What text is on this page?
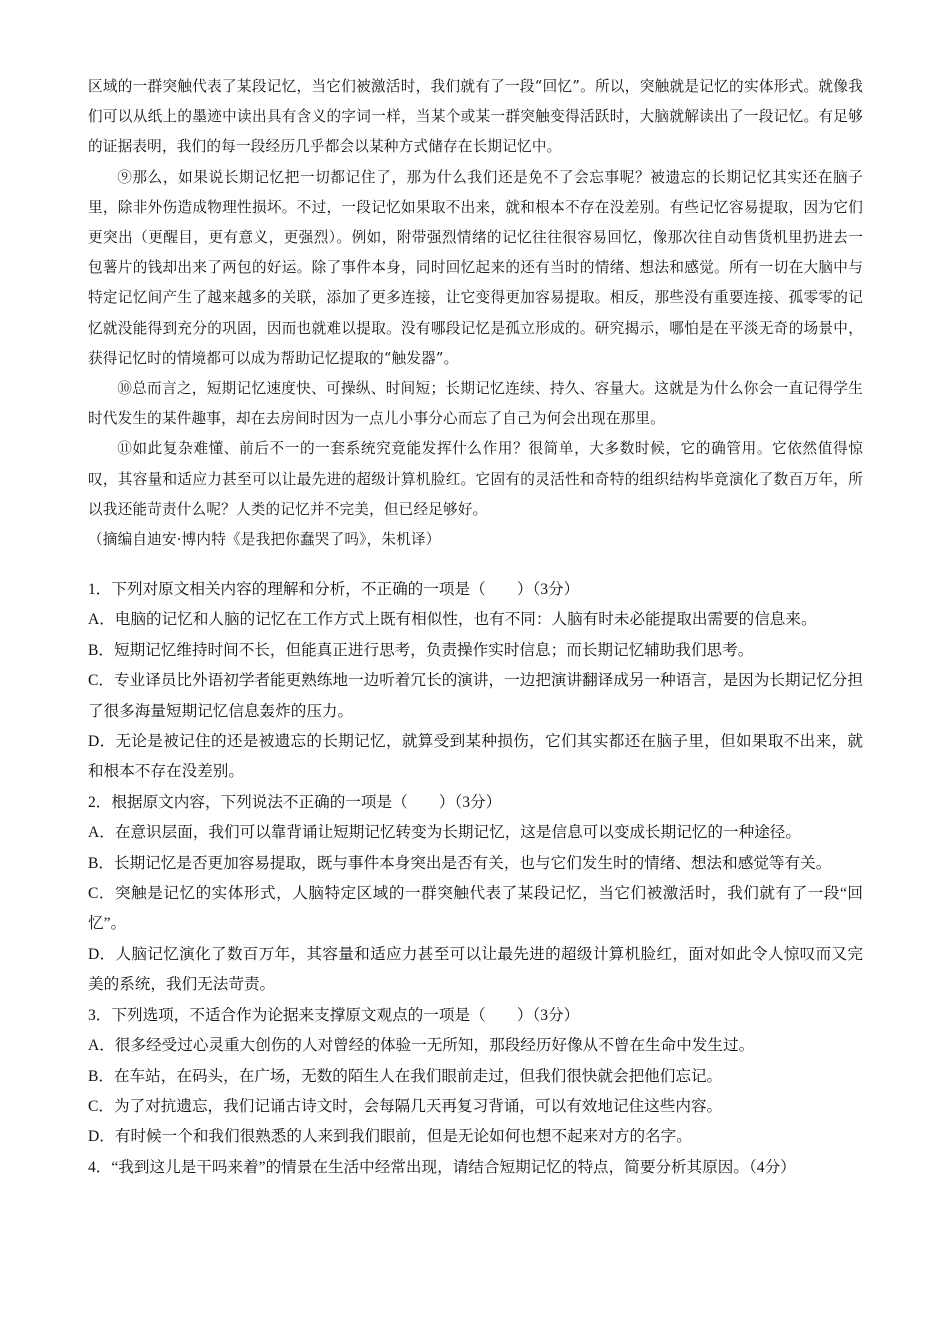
区域的一群突触代表了某段记忆，当它们被激活时，我们就有了一段“回忆”。所以，突触就是记忆的实体形式。就像我们可以从纸上的墨迹中读出具有含义的字词一样，当某个或某一群突触变得活跃时，大脑就解读出了一段记忆。有足够的证据表明，我们的每一段经历几乎都会以某种方式储存在长期记忆中。

⑨那么，如果说长期记忆把一切都记住了，那为什么我们还是免不了会忘事呢？被遗忘的长期记忆其实还在脑子里，除非外伤造成物理性损坏。不过，一段记忆如果取不出来，就和根本不存在没差别。有些记忆容易提取，因为它们更突出（更醒目，更有意义，更强烈）。例如，附带强烈情绪的记忆往往很容易回忆，像那次往自动售货机里扔进去一包薯片的钱却出来了两包的好运。除了事件本身，同时回忆起来的还有当时的情绪、想法和感觉。所有一切在大脑中与特定记忆间产生了越来越多的关联，添加了更多连接，让它变得更加容易提取。相反，那些没有重要连接、孤零零的记忆就没能得到充分的巩固，因而也就难以提取。没有哪段记忆是孤立形成的。研究揭示，哪怕是在平淡无奇的场景中，获得记忆时的情境都可以成为帮助记忆提取的“触发器”。

⑩总而言之，短期记忆速度快、可操纵、时间短；长期记忆连续、持久、容量大。这就是为什么你会一直记得学生时代发生的某件趣事，却在去房间时因为一点儿小事分心而忘了自己为何会出现在那里。

⑪如此复杂难懂、前后不一的一套系统究竟能发挥什么作用？很简单，大多数时候，它的确管用。它依然值得惊叹，其容量和适应力甚至可以让最先进的超级计算机脸红。它固有的灵活性和奇特的组织结构毕竟演化了数百万年，所以我还能苛责什么呢？人类的记忆并不完美，但已经足够好。

（摘编自迪安·博内特《是我把你蠢哭了吗》，朱机译）

1．下列对原文相关内容的理解和分析，不正确的一项是（　　）（3分）

A．电脑的记忆和人脑的记忆在工作方式上既有相似性，也有不同：人脑有时未必能提取出需要的信息来。

B．短期记忆维持时间不长，但能真正进行思考，负责操作实时信息；而长期记忆辅助我们思考。

C．专业译员比外语初学者能更熟练地一边听着冗长的演讲，一边把演讲翻译成另一种语言，是因为长期记忆分担了很多海量短期记忆信息轰炸的压力。

D．无论是被记住的还是被遗忘的长期记忆，就算受到某种损伤，它们其实都还在脑子里，但如果取不出来，就和根本不存在没差别。

2．根据原文内容，下列说法不正确的一项是（　　）（3分）

A．在意识层面，我们可以靠背诵让短期记忆转变为长期记忆，这是信息可以变成长期记忆的一种途径。

B．长期记忆是否更加容易提取，既与事件本身突出是否有关，也与它们发生时的情绪、想法和感觉等有关。

C．突触是记忆的实体形式，人脑特定区域的一群突触代表了某段记忆，当它们被激活时，我们就有了一段“回忆”。

D．人脑记忆演化了数百万年，其容量和适应力甚至可以让最先进的超级计算机脸红，面对如此令人惊叹而又完美的系统，我们无法苛责。

3．下列选项，不适合作为论据来支撑原文观点的一项是（　　）（3分）

A．很多经受过心灵重大创伤的人对曾经的体验一无所知，那段经历好像从不曾在生命中发生过。

B．在车站，在码头，在广场，无数的陌生人在我们眼前走过，但我们很快就会把他们忘记。

C．为了对抗遗忘，我们记诵古诗文时，会每隔几天再复习背诵，可以有效地记住这些内容。

D．有时候一个和我们很熟悉的人来到我们眼前，但是无论如何也想不起来对方的名字。

4．“我到这儿是干吗来着”的情景在生活中经常出现，请结合短期记忆的特点，简要分析其原因。（4分）
